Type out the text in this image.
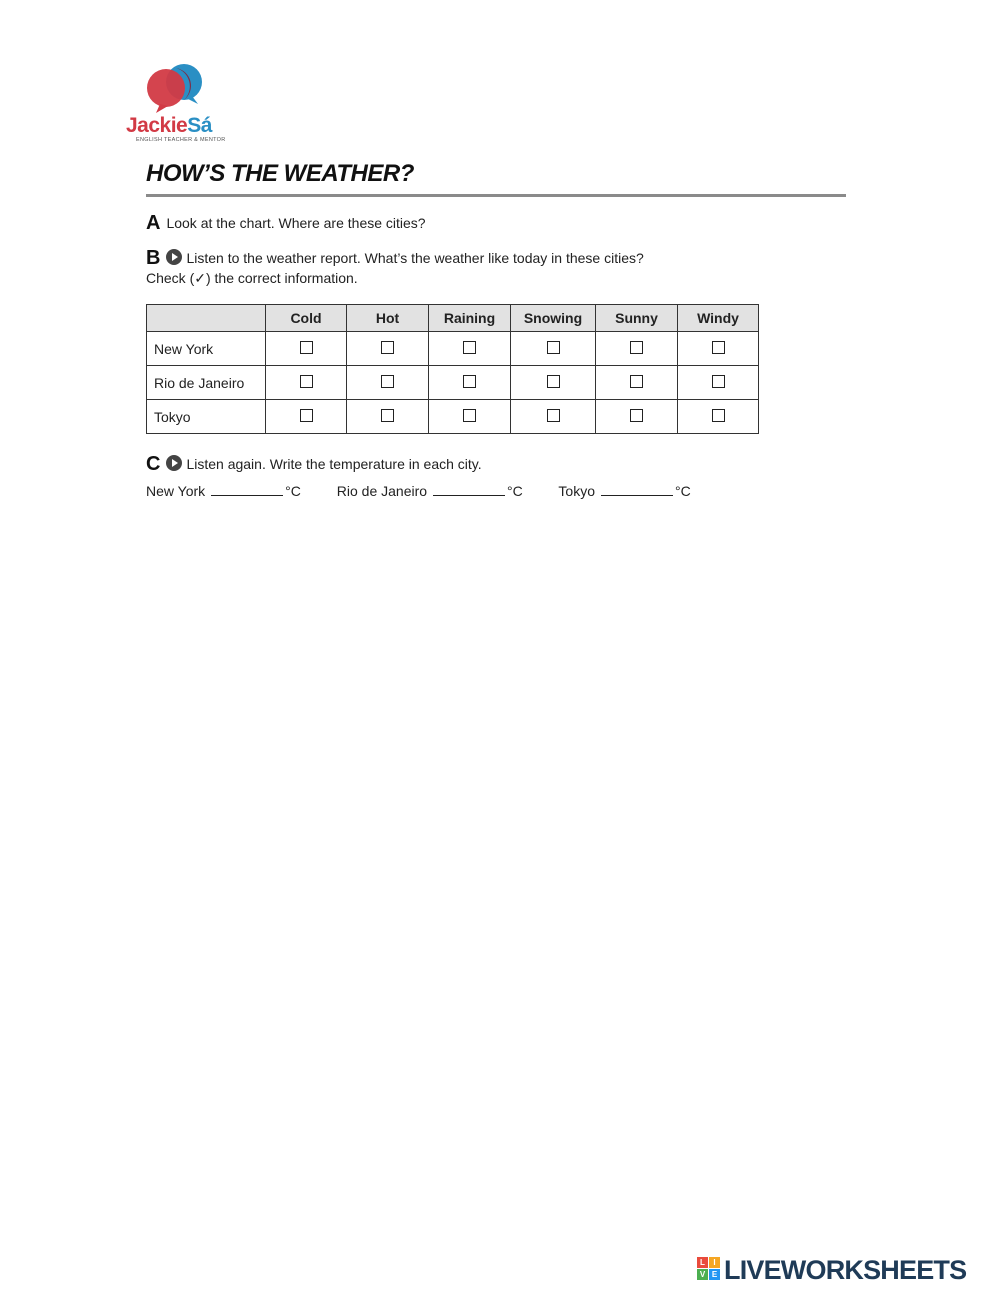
JackieSá
ENGLISH TEACHER & MENTOR
HOW’S THE WEATHER?
A Look at the chart. Where are these cities?
B Listen to the weather report. What’s the weather like today in these cities?
Check (✓) the correct information.
	Cold	Hot	Raining	Snowing	Sunny	Windy
New York						
Rio de Janeiro						
Tokyo						
C Listen again. Write the temperature in each city.
New York	°C	Rio de Janeiro	°C	Tokyo	°C
L	I
V E LIVEWORKSHEETS
